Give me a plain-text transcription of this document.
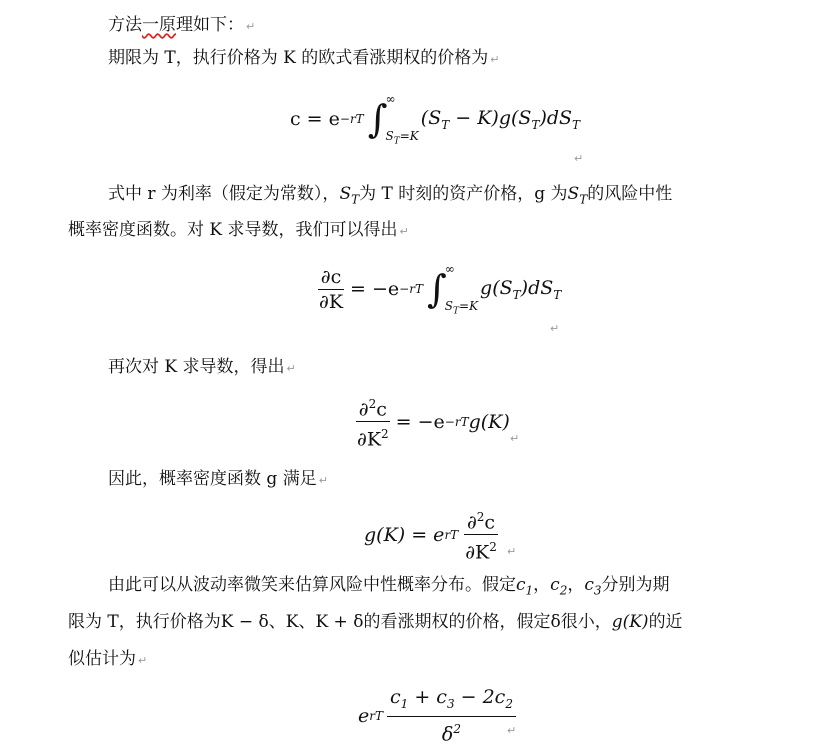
方法一原理如下： ↵
期限为 T，执行价格为 K 的欧式看涨期权的价格为 ↵
c = e −rT ∫
∞
$S_T=K$
$(S_T - K)g(S_T)dS_T$
↵
式中 r 为利率（假定为常数），$S_T$为 T 时刻的资产价格，g 为$S_T$的风险中性
概率密度函数。对 K 求导数，我们可以得出 ↵
$\frac{\partial c}{\partial K} = -e -rT$ ∫
∞
$S_T=K$
$g(S_T)dS_T$
↵
再次对 K 求导数，得出 ↵
$\frac{\partial^2c}{\partial K^2} = -e -rT$ g(K)
↵
因此，概率密度函数 g 满足 ↵
g(K) = e rT $\frac{\partial^2c}{\partial K^2}$ ↵
由此可以从波动率微笑来估算风险中性概率分布。假定$c_1$，$c_2$，$c_3$分别为期
限为 T，执行价格为K − δ、K、K + δ的看涨期权的价格，假定δ很小，g(K)的近
似估计为 ↵
e rT $\frac{c_1 + c_3 - 2c_2}{\delta^2}$
↵
